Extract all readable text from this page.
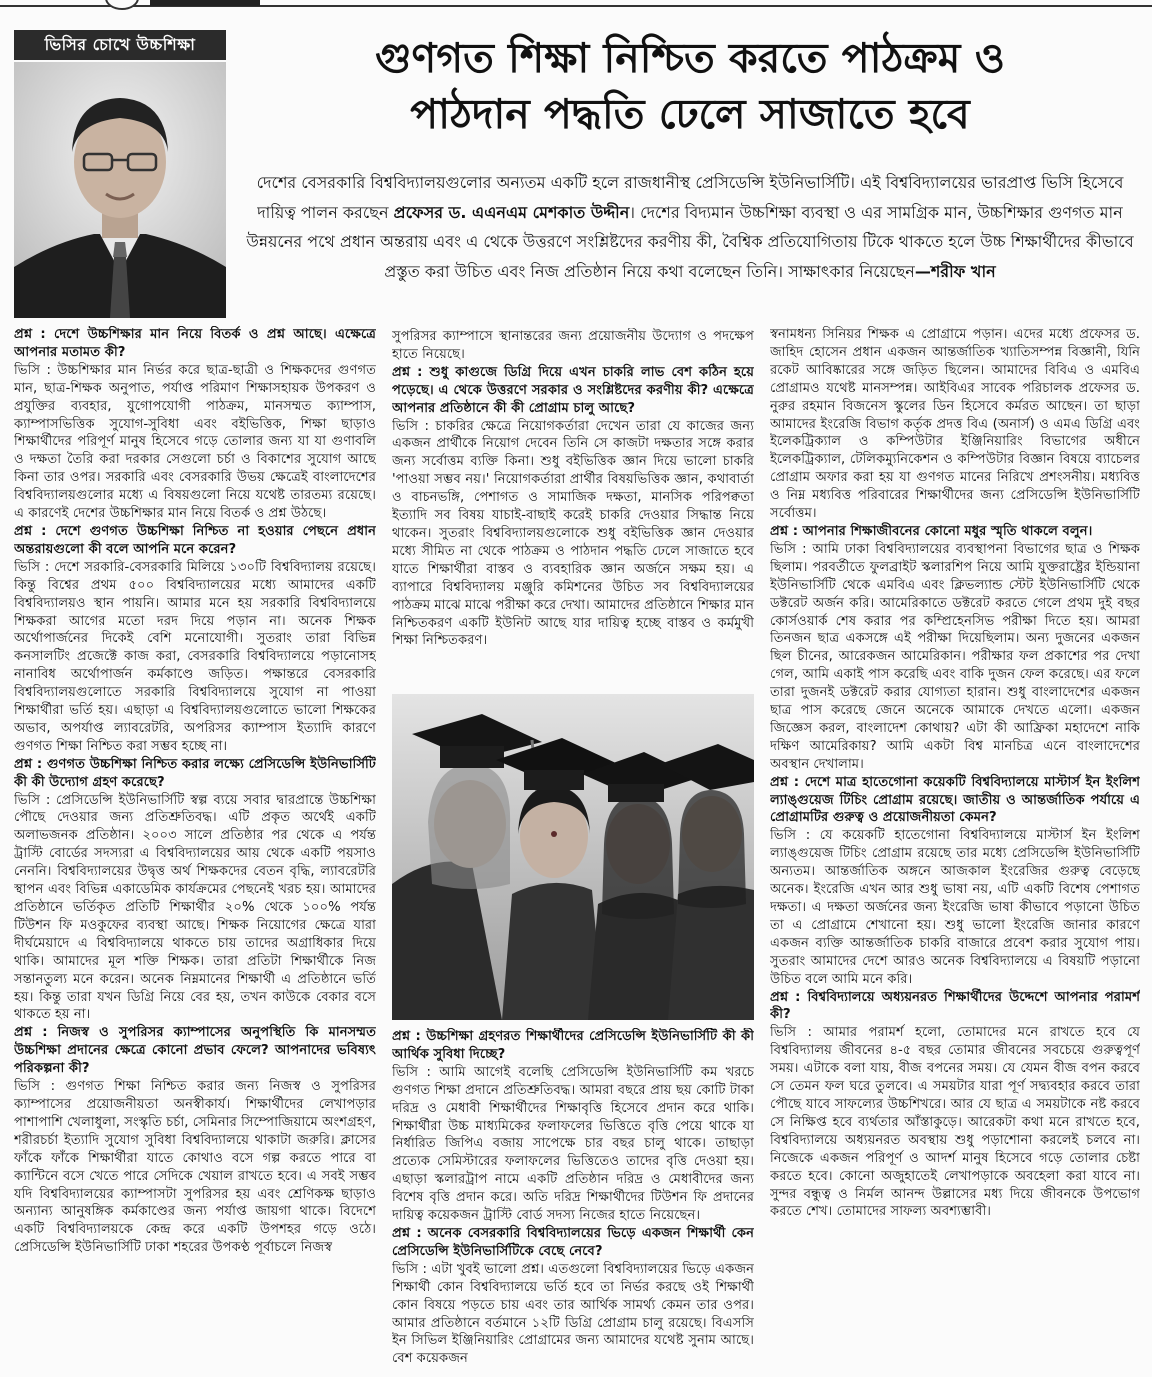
ভিসির চোখে উচ্চশিক্ষা	গুণগত শিক্ষা নিশ্চিত করতে পাঠক্রম ও
পাঠদান পদ্ধতি ঢেলে সাজাতে হবে

দেশের বেসরকারি বিশ্ববিদ্যালয়গুলোর অন্যতম একটি হলে রাজধানীস্থ প্রেসিডেন্সি ইউনিভার্সিটি। এই বিশ্ববিদ্যালয়ের ভারপ্রাপ্ত ভিসি হিসেবে দায়িত্ব পালন করছেন প্রফেসর ড. এএনএম মেশকাত উদ্দীন। দেশের বিদ্যমান উচ্চশিক্ষা ব্যবস্থা ও এর সামগ্রিক মান, উচ্চশিক্ষার গুণগত মান উন্নয়নের পথে প্রধান অন্তরায় এবং এ থেকে উত্তরণে সংশ্লিষ্টদের করণীয় কী, বৈশ্বিক প্রতিযোগিতায় টিকে থাকতে হলে উচ্চ শিক্ষার্থীদের কীভাবে প্রস্তুত করা উচিত এবং নিজ প্রতিষ্ঠান নিয়ে কথা বলেছেন তিনি। সাক্ষাৎকার নিয়েছেন—শরীফ খান

প্রশ্ন : দেশে উচ্চশিক্ষার মান নিয়ে বিতর্ক ও প্রশ্ন আছে। এক্ষেত্রে আপনার মতামত কী?

ভিসি : উচ্চশিক্ষার মান নির্ভর করে ছাত্র-ছাত্রী ও শিক্ষকদের গুণগত মান, ছাত্র-শিক্ষক অনুপাত, পর্যাপ্ত পরিমাণ শিক্ষাসহায়ক উপকরণ ও প্রযুক্তির ব্যবহার, যুগোপযোগী পাঠক্রম, মানসম্মত ক্যাম্পাস, ক্যাম্পাসভিত্তিক সুযোগ-সুবিধা এবং বইভিত্তিক, শিক্ষা ছাড়াও শিক্ষার্থীদের পরিপূর্ণ মানুষ হিসেবে গড়ে তোলার জন্য যা যা গুণাবলি ও দক্ষতা তৈরি করা দরকার সেগুলো চর্চা ও বিকাশের সুযোগ আছে কিনা তার ওপর। সরকারি এবং বেসরকারি উভয় ক্ষেত্রেই বাংলাদেশের বিশ্ববিদ্যালয়গুলোর মধ্যে এ বিষয়গুলো নিয়ে যথেষ্ট তারতম্য রয়েছে। এ কারণেই দেশের উচ্চশিক্ষার মান নিয়ে বিতর্ক ও প্রশ্ন উঠছে।

প্রশ্ন : দেশে গুণগত উচ্চশিক্ষা নিশ্চিত না হওয়ার পেছনে প্রধান অন্তরায়গুলো কী বলে আপনি মনে করেন?

ভিসি : দেশে সরকারি-বেসরকারি মিলিয়ে ১৩০টি বিশ্ববিদ্যালয় রয়েছে। কিন্তু বিশ্বের প্রথম ৫০০ বিশ্ববিদ্যালয়ের মধ্যে আমাদের একটি বিশ্ববিদ্যালয়ও স্থান পায়নি। আমার মনে হয় সরকারি বিশ্ববিদ্যালয়ে শিক্ষকরা আগের মতো দরদ দিয়ে পড়ান না। অনেক শিক্ষক অর্থোপার্জনের দিকেই বেশি মনোযোগী। সুতরাং তারা বিভিন্ন কনসালটিং প্রজেক্টে কাজ করা, বেসরকারি বিশ্ববিদ্যালয়ে পড়ানোসহ নানাবিধ অর্থোপার্জন কর্মকাণ্ডে জড়িত। পক্ষান্তরে বেসরকারি বিশ্ববিদ্যালয়গুলোতে সরকারি বিশ্ববিদ্যালয়ে সুযোগ না পাওয়া শিক্ষার্থীরা ভর্তি হয়। এছাড়া এ বিশ্ববিদ্যালয়গুলোতে ভালো শিক্ষকের অভাব, অপর্যাপ্ত ল্যাবরেটরি, অপরিসর ক্যাম্পাস ইত্যাদি কারণে গুণগত শিক্ষা নিশ্চিত করা সম্ভব হচ্ছে না।

প্রশ্ন : গুণগত উচ্চশিক্ষা নিশ্চিত করার লক্ষ্যে প্রেসিডেন্সি ইউনিভার্সিটি কী কী উদ্যোগ গ্রহণ করেছে?

ভিসি : প্রেসিডেন্সি ইউনিভার্সিটি স্বল্প ব্যয়ে সবার দ্বারপ্রান্তে উচ্চশিক্ষা পৌছে দেওয়ার জন্য প্রতিশ্রুতিবদ্ধ। এটি প্রকৃত অর্থেই একটি অলাভজনক প্রতিষ্ঠান। ২০০৩ সালে প্রতিষ্ঠার পর থেকে এ পর্যন্ত ট্রাস্টি বোর্ডের সদস্যরা এ বিশ্ববিদ্যালয়ের আয় থেকে একটি পয়সাও নেননি। বিশ্ববিদ্যালয়ের উদ্বৃত্ত অর্থ শিক্ষকদের বেতন বৃদ্ধি, ল্যাবরেটরি স্থাপন এবং বিভিন্ন একাডেমিক কার্যক্রমের পেছনেই খরচ হয়। আমাদের প্রতিষ্ঠানে ভর্তিকৃত প্রতিটি শিক্ষার্থীর ২০% থেকে ১০০% পর্যন্ত টিউশন ফি মওকুফের ব্যবস্থা আছে। শিক্ষক নিয়োগের ক্ষেত্রে যারা দীর্ঘমেয়াদে এ বিশ্ববিদ্যালয়ে থাকতে চায় তাদের অগ্রাধিকার দিয়ে থাকি। আমাদের মূল শক্তি শিক্ষক। তারা প্রতিটা শিক্ষার্থীকে নিজ সন্তানতুল্য মনে করেন। অনেক নিম্নমানের শিক্ষার্থী এ প্রতিষ্ঠানে ভর্তি হয়। কিন্তু তারা যখন ডিগ্রি নিয়ে বের হয়, তখন কাউকে বেকার বসে থাকতে হয় না।

প্রশ্ন : নিজস্ব ও সুপরিসর ক্যাম্পাসের অনুপস্থিতি কি মানসম্মত উচ্চশিক্ষা প্রদানের ক্ষেত্রে কোনো প্রভাব ফেলে? আপনাদের ভবিষ্যৎ পরিকল্পনা কী?

ভিসি : গুণগত শিক্ষা নিশ্চিত করার জন্য নিজস্ব ও সুপরিসর ক্যাম্পাসের প্রয়োজনীয়তা অনস্বীকার্য। শিক্ষার্থীদের লেখাপড়ার পাশাপাশি খেলাধুলা, সংস্কৃতি চর্চা, সেমিনার সিম্পোজিয়ামে অংশগ্রহণ, শরীরচর্চা ইত্যাদি সুযোগ সুবিধা বিশ্ববিদ্যালয়ে থাকাটা জরুরি। ক্লাসের ফাঁকে ফাঁকে শিক্ষার্থীরা যাতে কোথাও বসে গল্প করতে পারে বা ক্যান্টিনে বসে খেতে পারে সেদিকে খেয়াল রাখতে হবে। এ সবই সম্ভব যদি বিশ্ববিদ্যালয়ের ক্যাম্পাসটা সুপরিসর হয় এবং শ্রেণিকক্ষ ছাড়াও অন্যান্য আনুষঙ্গিক কর্মকাণ্ডের জন্য পর্যাপ্ত জায়গা থাকে। বিদেশে একটি বিশ্ববিদ্যালয়কে কেন্দ্র করে একটি উপশহর গড়ে ওঠে। প্রেসিডেন্সি ইউনিভার্সিটি ঢাকা শহরের উপকণ্ঠ পূর্বাচলে নিজস্ব

সুপরিসর ক্যাম্পাসে স্থানান্তরের জন্য প্রয়োজনীয় উদ্যোগ ও পদক্ষেপ হাতে নিয়েছে।

প্রশ্ন : শুধু কাগুজে ডিগ্রি দিয়ে এখন চাকরি লাভ বেশ কঠিন হয়ে পড়েছে। এ থেকে উত্তরণে সরকার ও সংশ্লিষ্টদের করণীয় কী? এক্ষেত্রে আপনার প্রতিষ্ঠানে কী কী প্রোগ্রাম চালু আছে?

ভিসি : চাকরির ক্ষেত্রে নিয়োগকর্তারা দেখেন তারা যে কাজের জন্য একজন প্রার্থীকে নিয়োগ দেবেন তিনি সে কাজটা দক্ষতার সঙ্গে করার জন্য সর্বোত্তম ব্যক্তি কিনা। শুধু বইভিত্তিক জ্ঞান দিয়ে ভালো চাকরি 'পাওয়া সম্ভব নয়।' নিয়োগকর্তারা প্রার্থীর বিষয়ভিত্তিক জ্ঞান, কথাবার্তা ও বাচনভঙ্গি, পেশাগত ও সামাজিক দক্ষতা, মানসিক পরিপক্বতা ইত্যাদি সব বিষয় যাচাই-বাছাই করেই চাকরি দেওয়ার সিদ্ধান্ত নিয়ে থাকেন। সুতরাং বিশ্ববিদ্যালয়গুলোকে শুধু বইভিত্তিক জ্ঞান দেওয়ার মধ্যে সীমিত না থেকে পাঠক্রম ও পাঠদান পদ্ধতি ঢেলে সাজাতে হবে যাতে শিক্ষার্থীরা বাস্তব ও ব্যবহারিক জ্ঞান অর্জনে সক্ষম হয়। এ ব্যাপারে বিশ্ববিদ্যালয় মঞ্জুরি কমিশনের উচিত সব বিশ্ববিদ্যালয়ের পাঠক্রম মাঝে মাঝে পরীক্ষা করে দেখা। আমাদের প্রতিষ্ঠানে শিক্ষার মান নিশ্চিতকরণ একটি ইউনিট আছে যার দায়িত্ব হচ্ছে বাস্তব ও কর্মমুখী শিক্ষা নিশ্চিতকরণ।

প্রশ্ন : উচ্চশিক্ষা গ্রহণরত শিক্ষার্থীদের প্রেসিডেন্সি ইউনিভার্সিটি কী কী আর্থিক সুবিধা দিচ্ছে?

ভিসি : আমি আগেই বলেছি প্রেসিডেন্সি ইউনিভার্সিটি কম খরচে গুণগত শিক্ষা প্রদানে প্রতিশ্রুতিবদ্ধ। আমরা বছরে প্রায় ছয় কোটি টাকা দরিদ্র ও মেধাবী শিক্ষার্থীদের শিক্ষাবৃত্তি হিসেবে প্রদান করে থাকি। শিক্ষার্থীরা উচ্চ মাধ্যমিকের ফলাফলের ভিত্তিতে বৃত্তি পেয়ে থাকে যা নির্ধারিত জিপিএ বজায় সাপেক্ষে চার বছর চালু থাকে। তাছাড়া প্রত্যেক সেমিস্টারের ফলাফলের ভিত্তিতেও তাদের বৃত্তি দেওয়া হয়। এছাড়া স্কলারট্রাপ নামে একটি প্রতিষ্ঠান দরিদ্র ও মেধাবীদের জন্য বিশেষ বৃত্তি প্রদান করে। অতি দরিদ্র শিক্ষার্থীদের টিউশন ফি প্রদানের দায়িত্ব কয়েকজন ট্রাস্টি বোর্ড সদস্য নিজের হাতে নিয়েছেন।

প্রশ্ন : অনেক বেসরকারি বিশ্ববিদ্যালয়ের ভিড়ে একজন শিক্ষার্থী কেন প্রেসিডেন্সি ইউনিভার্সিটিকে বেছে নেবে?

ভিসি : এটা খুবই ভালো প্রশ্ন। এতগুলো বিশ্ববিদ্যালয়ের ভিড়ে একজন শিক্ষার্থী কোন বিশ্ববিদ্যালয়ে ভর্তি হবে তা নির্ভর করছে ওই শিক্ষার্থী কোন বিষয়ে পড়তে চায় এবং তার আর্থিক সামর্থ্য কেমন তার ওপর। আমার প্রতিষ্ঠানে বর্তমানে ১২টি ডিগ্রি প্রোগ্রাম চালু রয়েছে। বিএসসি ইন সিভিল ইঞ্জিনিয়ারিং প্রোগ্রামের জন্য আমাদের যথেষ্ট সুনাম আছে। বেশ কয়েকজন

স্বনামধন্য সিনিয়র শিক্ষক এ প্রোগ্রামে পড়ান। এদের মধ্যে প্রফেসর ড. জাহিদ হোসেন প্রধান একজন আন্তর্জাতিক খ্যাতিসম্পন্ন বিজ্ঞানী, যিনি রকেট আবিষ্কারের সঙ্গে জড়িত ছিলেন। আমাদের বিবিএ ও এমবিএ প্রোগ্রামও যথেষ্ট মানসম্পন্ন। আইবিএর সাবেক পরিচালক প্রফেসর ড. নুরুর রহমান বিজনেস স্কুলের ডিন হিসেবে কর্মরত আছেন। তা ছাড়া আমাদের ইংরেজি বিভাগ কর্তৃক প্রদত্ত বিএ (অনার্স) ও এমএ ডিগ্রি এবং ইলেকট্রিক্যাল ও কম্পিউটার ইঞ্জিনিয়ারিং বিভাগের অধীনে ইলেকট্রিক্যাল, টেলিকম্যুনিকেশন ও কম্পিউটার বিজ্ঞান বিষয়ে ব্যাচেলর প্রোগ্রাম অফার করা হয় যা গুণগত মানের নিরিখে প্রশংসনীয়। মধ্যবিত্ত ও নিম্ন মধ্যবিত্ত পরিবারের শিক্ষার্থীদের জন্য প্রেসিডেন্সি ইউনিভার্সিটি সর্বোত্তম।

প্রশ্ন : আপনার শিক্ষাজীবনের কোনো মধুর স্মৃতি থাকলে বলুন।

ভিসি : আমি ঢাকা বিশ্ববিদ্যালয়ের ব্যবস্থাপনা বিভাগের ছাত্র ও শিক্ষক ছিলাম। পরবর্তীতে ফুলব্রাইট স্কলারশিপ নিয়ে আমি যুক্তরাষ্ট্রের ইন্ডিয়ানা ইউনিভার্সিটি থেকে এমবিএ এবং ক্লিভল্যান্ড স্টেট ইউনিভার্সিটি থেকে ডক্টরেট অর্জন করি। আমেরিকাতে ডক্টরেট করতে গেলে প্রথম দুই বছর কোর্সওয়ার্ক শেষ করার পর কম্প্রিহেনসিভ পরীক্ষা দিতে হয়। আমরা তিনজন ছাত্র একসঙ্গে এই পরীক্ষা দিয়েছিলাম। অন্য দুজনের একজন ছিল চীনের, আরেকজন আমেরিকান। পরীক্ষার ফল প্রকাশের পর দেখা গেল, আমি একাই পাস করেছি এবং বাকি দুজন ফেল করেছে। এর ফলে তারা দুজনই ডক্টরেট করার যোগ্যতা হারান। শুধু বাংলাদেশের একজন ছাত্র পাস করেছে জেনে অনেকে আমাকে দেখতে এলো। একজন জিজ্ঞেস করল, বাংলাদেশ কোথায়? এটা কী আফ্রিকা মহাদেশে নাকি দক্ষিণ আমেরিকায়? আমি একটা বিশ্ব মানচিত্র এনে বাংলাদেশের অবস্থান দেখালাম।

প্রশ্ন : দেশে মাত্র হাতেগোনা কয়েকটি বিশ্ববিদ্যালয়ে মাস্টার্স ইন ইংলিশ ল্যাঙ্গুয়েজ টিচিং প্রোগ্রাম রয়েছে। জাতীয় ও আন্তর্জাতিক পর্যায়ে এ প্রোগ্রামটির গুরুত্ব ও প্রয়োজনীয়তা কেমন?

ভিসি : যে কয়েকটি হাতেগোনা বিশ্ববিদ্যালয়ে মাস্টার্স ইন ইংলিশ ল্যাঙ্গুয়েজ টিচিং প্রোগ্রাম রয়েছে তার মধ্যে প্রেসিডেন্সি ইউনিভার্সিটি অন্যতম। আন্তর্জাতিক অঙ্গনে আজকাল ইংরেজির গুরুত্ব বেড়েছে অনেক। ইংরেজি এখন আর শুধু ভাষা নয়, এটি একটি বিশেষ পেশাগত দক্ষতা। এ দক্ষতা অর্জনের জন্য ইংরেজি ভাষা কীভাবে পড়ানো উচিত তা এ প্রোগ্রামে শেখানো হয়। শুধু ভালো ইংরেজি জানার কারণে একজন ব্যক্তি আন্তর্জাতিক চাকরি বাজারে প্রবেশ করার সুযোগ পায়। সুতরাং আমাদের দেশে আরও অনেক বিশ্ববিদ্যালয়ে এ বিষয়টি পড়ানো উচিত বলে আমি মনে করি।

প্রশ্ন : বিশ্ববিদ্যালয়ে অধ্যয়নরত শিক্ষার্থীদের উদ্দেশে আপনার পরামর্শ কী?

ভিসি : আমার পরামর্শ হলো, তোমাদের মনে রাখতে হবে যে বিশ্ববিদ্যালয় জীবনের ৪-৫ বছর তোমার জীবনের সবচেয়ে গুরুত্বপূর্ণ সময়। এটাকে বলা যায়, বীজ বপনের সময়। যে যেমন বীজ বপন করবে সে তেমন ফল ঘরে তুলবে। এ সময়টার যারা পূর্ণ সদ্ব্যবহার করবে তারা পৌছে যাবে সাফল্যের উচ্চশিখরে। আর যে ছাত্র এ সময়টাকে নষ্ট করবে সে নিক্ষিপ্ত হবে ব্যর্থতার আঁস্তাকুড়ে। আরেকটা কথা মনে রাখতে হবে, বিশ্ববিদ্যালয়ে অধ্যয়নরত অবস্থায় শুধু পড়াশোনা করলেই চলবে না। নিজেকে একজন পরিপূর্ণ ও আদর্শ মানুষ হিসেবে গড়ে তোলার চেষ্টা করতে হবে। কোনো অজুহাতেই লেখাপড়াকে অবহেলা করা যাবে না। সুন্দর বন্ধুত্ব ও নির্মল আনন্দ উল্লাসের মধ্য দিয়ে জীবনকে উপভোগ করতে শেখ। তোমাদের সাফল্য অবশ্যম্ভাবী।
